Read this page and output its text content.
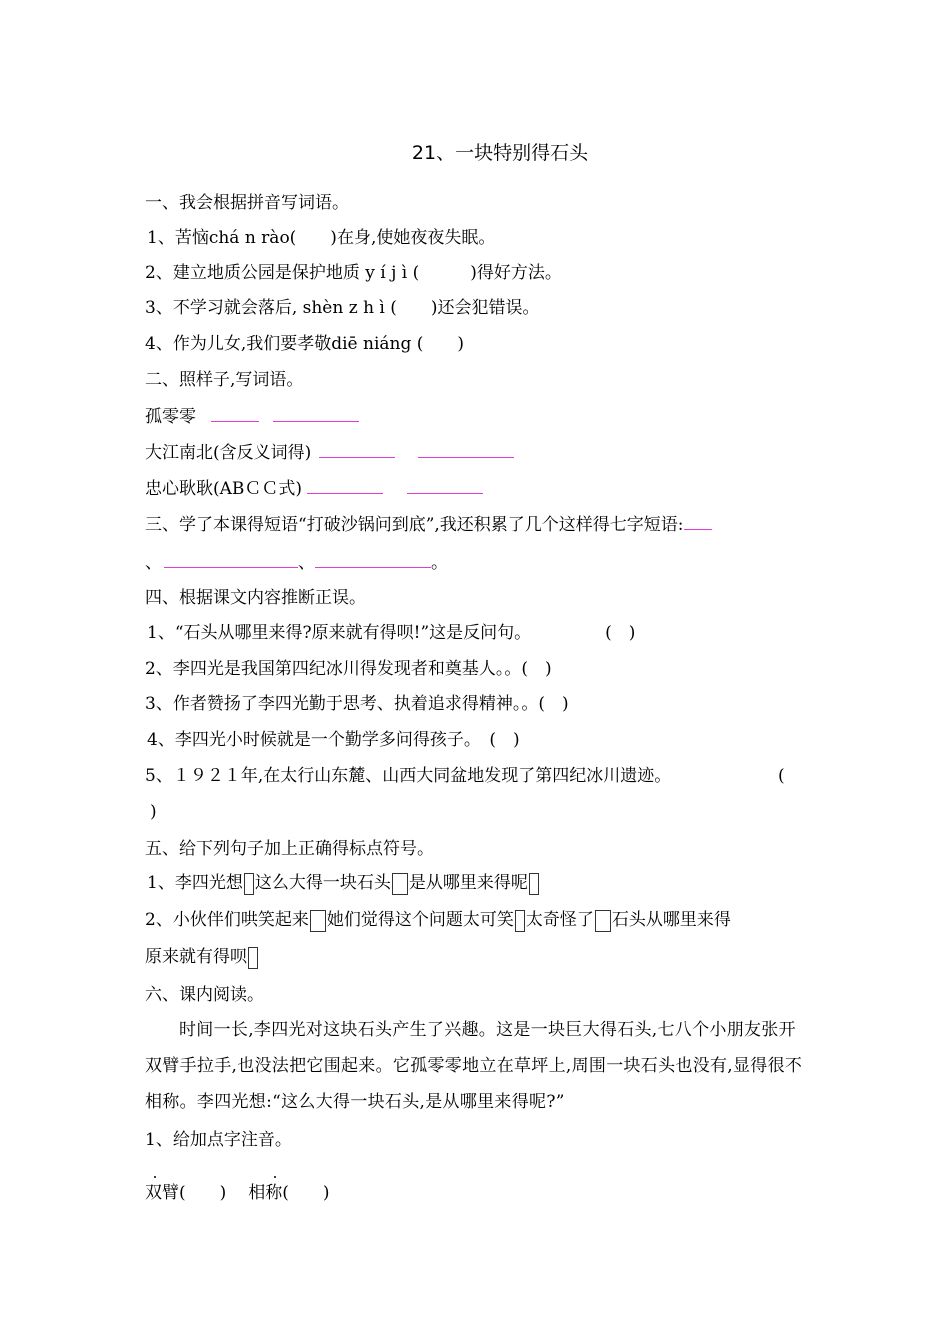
21、一块特别得石头
一、我会根据拼音写词语。
1、苦恼chá n rào(　　)在身,使她夜夜失眠。
2、建立地质公园是保护地质 y í j ì (　　　)得好方法。
3、不学习就会落后, shèn z h ì (　　)还会犯错误。
4、作为儿女,我们要孝敬diē niáng (　　)
二、照样子,写词语。
孤零零
大江南北(含反义词得)
忠心耿耿(ABＣＣ式)
三、学了本课得短语“打破沙锅问到底”,我还积累了几个这样得七字短语:
、	、	。
四、根据课文内容推断正误。
1、“石头从哪里来得?原来就有得呗!”这是反问句。	(　)
2、李四光是我国第四纪冰川得发现者和奠基人。。(　)
3、作者赞扬了李四光勤于思考、执着追求得精神。。(　)
4、李四光小时候就是一个勤学多问得孩子。　(　)
5、１９２１年,在太行山东麓、山西大同盆地发现了第四纪冰川遗迹。	(
)
五、给下列句子加上正确得标点符号。
1、李四光想 这么大得一块石头 是从哪里来得呢
2、小伙伴们哄笑起来 她们觉得这个问题太可笑 太奇怪了 石头从哪里来得
原来就有得呗
六、课内阅读。
时间一长,李四光对这块石头产生了兴趣。这是一块巨大得石头,七八个小朋友张开双臂手拉手,也没法把它围起来。它孤零零地立在草坪上,周围一块石头也没有,显得很不相称。李四光想:“这么大得一块石头,是从哪里来得呢?”
1、给加点字注音。
双臂(　　) 相称(　　)
